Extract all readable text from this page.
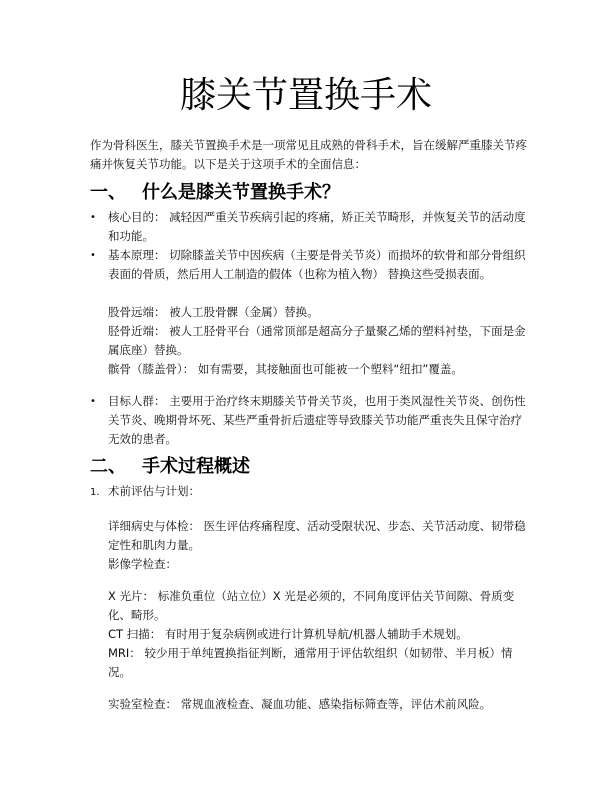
膝关节置换手术

作为骨科医生，膝关节置换手术是一项常见且成熟的骨科手术，旨在缓解严重膝关节疼痛并恢复关节功能。以下是关于这项手术的全面信息：

一、 什么是膝关节置换手术？
• 核心目的： 减轻因严重关节疾病引起的疼痛，矫正关节畸形，并恢复关节的活动度和功能。
• 基本原理： 切除膝盖关节中因疾病（主要是骨关节炎）而损坏的软骨和部分骨组织表面的骨质，然后用人工制造的假体（也称为植入物） 替换这些受损表面。
股骨远端： 被人工股骨髁（金属）替换。
胫骨近端： 被人工胫骨平台（通常顶部是超高分子量聚乙烯的塑料衬垫，下面是金属底座）替换。
髌骨（膝盖骨）： 如有需要，其接触面也可能被一个塑料“纽扣”覆盖。
• 目标人群： 主要用于治疗终末期膝关节骨关节炎，也用于类风湿性关节炎、创伤性关节炎、晚期骨坏死、某些严重骨折后遗症等导致膝关节功能严重丧失且保守治疗无效的患者。
二、 手术过程概述
1. 术前评估与计划：
详细病史与体检： 医生评估疼痛程度、活动受限状况、步态、关节活动度、韧带稳定性和肌肉力量。
影像学检查：
X 光片： 标准负重位（站立位）X 光是必须的，不同角度评估关节间隙、骨质变化、畸形。
CT 扫描： 有时用于复杂病例或进行计算机导航/机器人辅助手术规划。
MRI： 较少用于单纯置换指征判断，通常用于评估软组织（如韧带、半月板）情况。
实验室检查： 常规血液检查、凝血功能、感染指标筛查等，评估术前风险。
